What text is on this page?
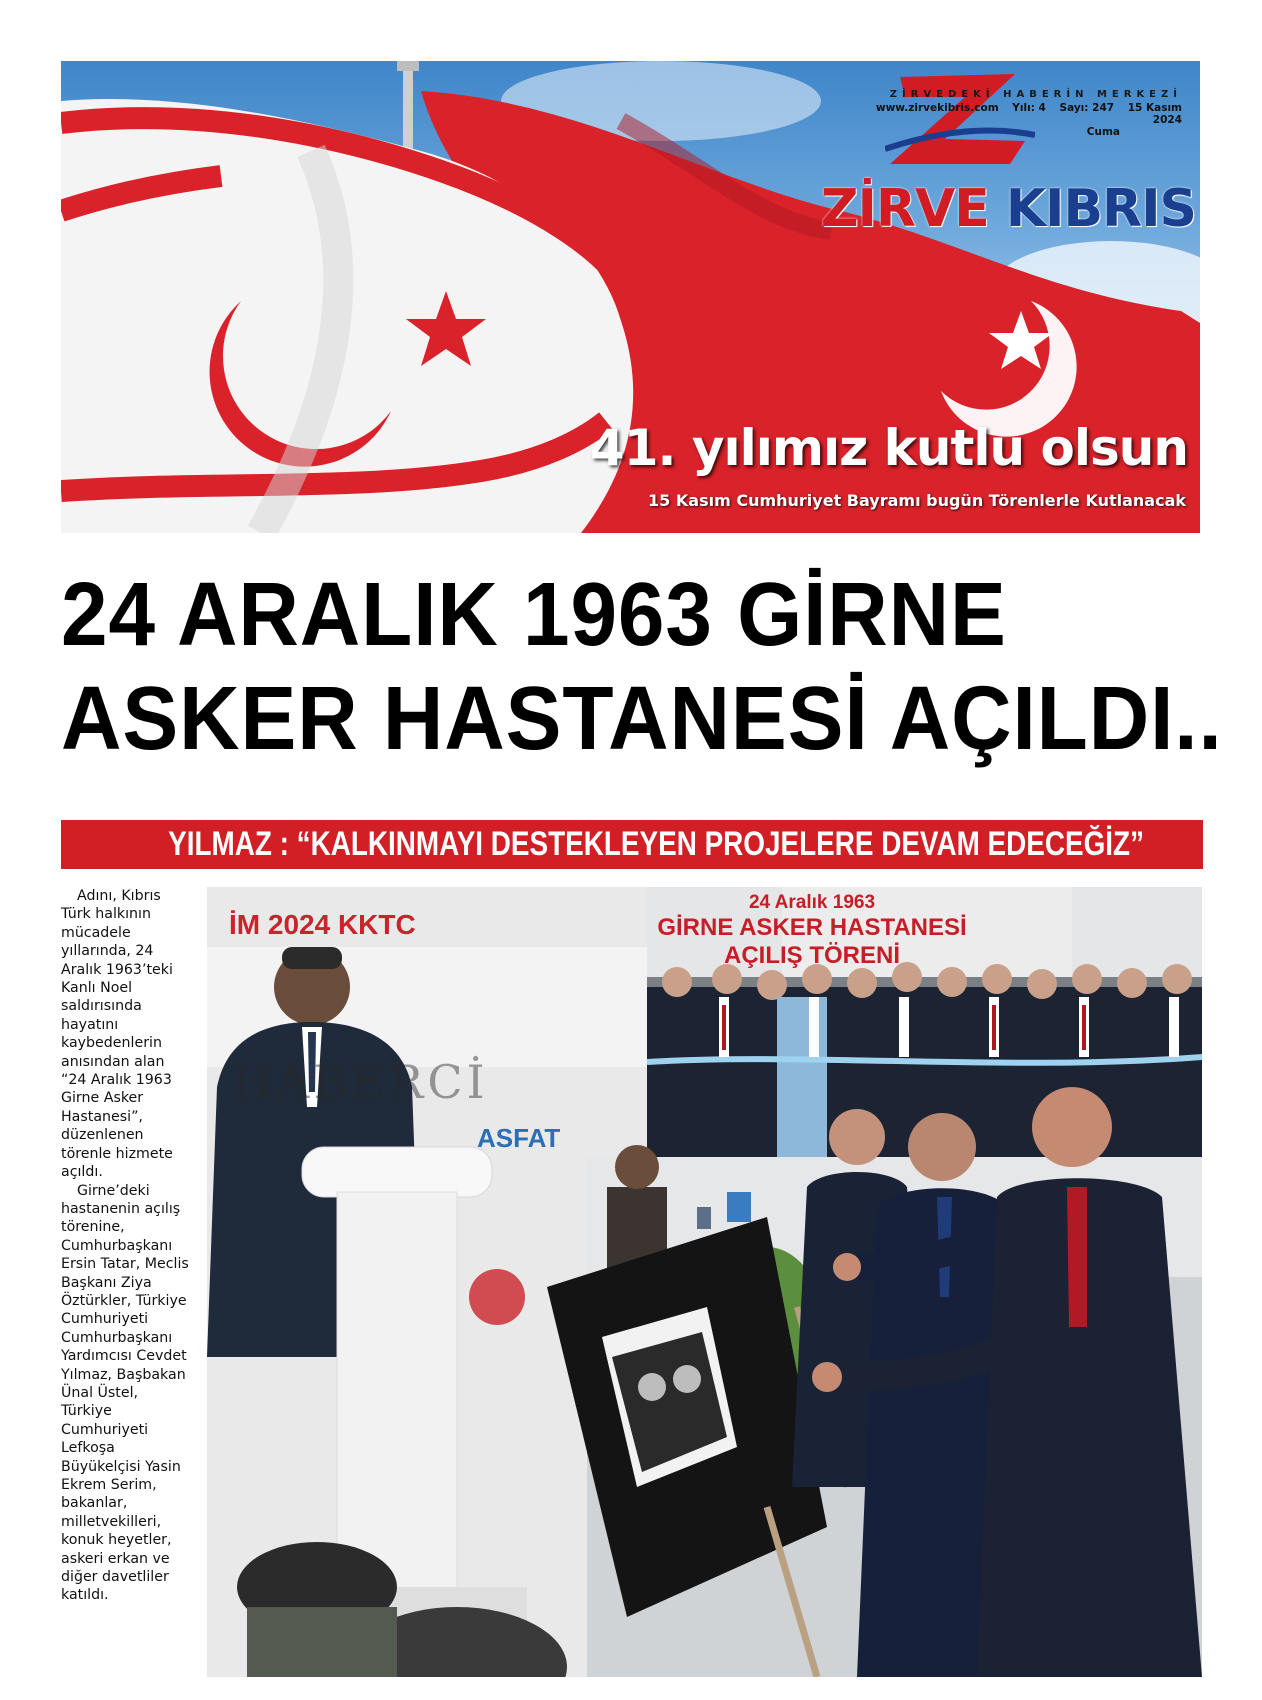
ZİRVEDEKİ HABERİN MERKEZİ
www.zirvekibris.com Yılı: 4 Sayı: 247 15 Kasım 2024
Cuma
ZİRVE KIBRIS
41. yılımız kutlu olsun
15 Kasım Cumhuriyet Bayramı bugün Törenlerle Kutlanacak
24 ARALIK 1963 GİRNE
ASKER HASTANESİ AÇILDI..
YILMAZ : “KALKINMAYI DESTEKLEYEN PROJELERE DEVAM EDECEĞİZ”

Adını, Kıbrıs Türk halkının mücadele yıllarında, 24 Aralık 1963’teki Kanlı Noel saldırısında hayatını kaybedenlerin anısından alan “24 Aralık 1963 Girne Asker Hastanesi”, düzenlenen törenle hizmete açıldı.

Girne’deki hastanenin açılış törenine, Cumhurbaşkanı Ersin Tatar, Meclis Başkanı Ziya Öztürkler, Türkiye Cumhuriyeti Cumhurbaşkanı Yardımcısı Cevdet Yılmaz, Başbakan Ünal Üstel, Türkiye Cumhuriyeti Lefkoşa Büyükelçisi Yasin Ekrem Serim, bakanlar, milletvekilleri, konuk heyetler, askeri erkan ve diğer davetliler katıldı.

ASFAT
İM 2024 KKTC
HABERCİ
24 Aralık 1963
GİRNE ASKER HASTANESİ
AÇILIŞ TÖRENİ
